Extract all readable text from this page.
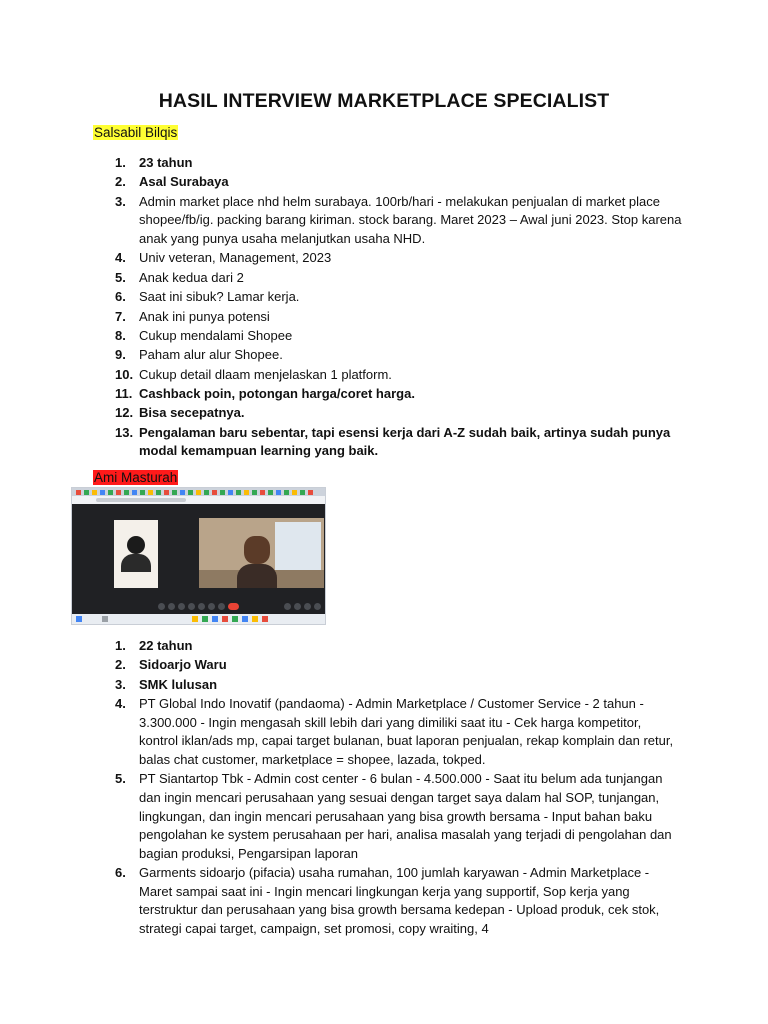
HASIL INTERVIEW MARKETPLACE SPECIALIST
Salsabil Bilqis
1. 23 tahun
2. Asal Surabaya
3. Admin market place nhd helm surabaya. 100rb/hari - melakukan penjualan di market place shopee/fb/ig. packing barang kiriman. stock barang. Maret 2023 – Awal juni 2023. Stop karena anak yang punya usaha melanjutkan usaha NHD.
4. Univ veteran, Management, 2023
5. Anak kedua dari 2
6. Saat ini sibuk? Lamar kerja.
7. Anak ini punya potensi
8. Cukup mendalami Shopee
9. Paham alur alur Shopee.
10. Cukup detail dlaam menjelaskan 1 platform.
11. Cashback poin, potongan harga/coret harga.
12. Bisa secepatnya.
13. Pengalaman baru sebentar, tapi esensi kerja dari A-Z sudah baik, artinya sudah punya modal kemampuan learning yang baik.
Ami Masturah
1. 22 tahun
2. Sidoarjo Waru
3. SMK lulusan
4. PT Global Indo Inovatif (pandaoma) - Admin Marketplace / Customer Service - 2 tahun - 3.300.000 - Ingin mengasah skill lebih dari yang dimiliki saat itu - Cek harga kompetitor, kontrol iklan/ads mp, capai target bulanan, buat laporan penjualan, rekap komplain dan retur, balas chat customer, marketplace = shopee, lazada, tokped.
5. PT Siantartop Tbk - Admin cost center - 6 bulan - 4.500.000 - Saat itu belum ada tunjangan dan ingin mencari perusahaan yang sesuai dengan target saya dalam hal SOP, tunjangan, lingkungan, dan ingin mencari perusahaan yang bisa growth bersama - Input bahan baku pengolahan ke system perusahaan per hari, analisa masalah yang terjadi di pengolahan dan bagian produksi, Pengarsipan laporan
6. Garments sidoarjo (pifacia) usaha rumahan, 100 jumlah karyawan - Admin Marketplace - Maret sampai saat ini - Ingin mencari lingkungan kerja yang supportif, Sop kerja yang terstruktur dan perusahaan yang bisa growth bersama kedepan - Upload produk, cek stok, strategi capai target, campaign, set promosi, copy wraiting, 4
